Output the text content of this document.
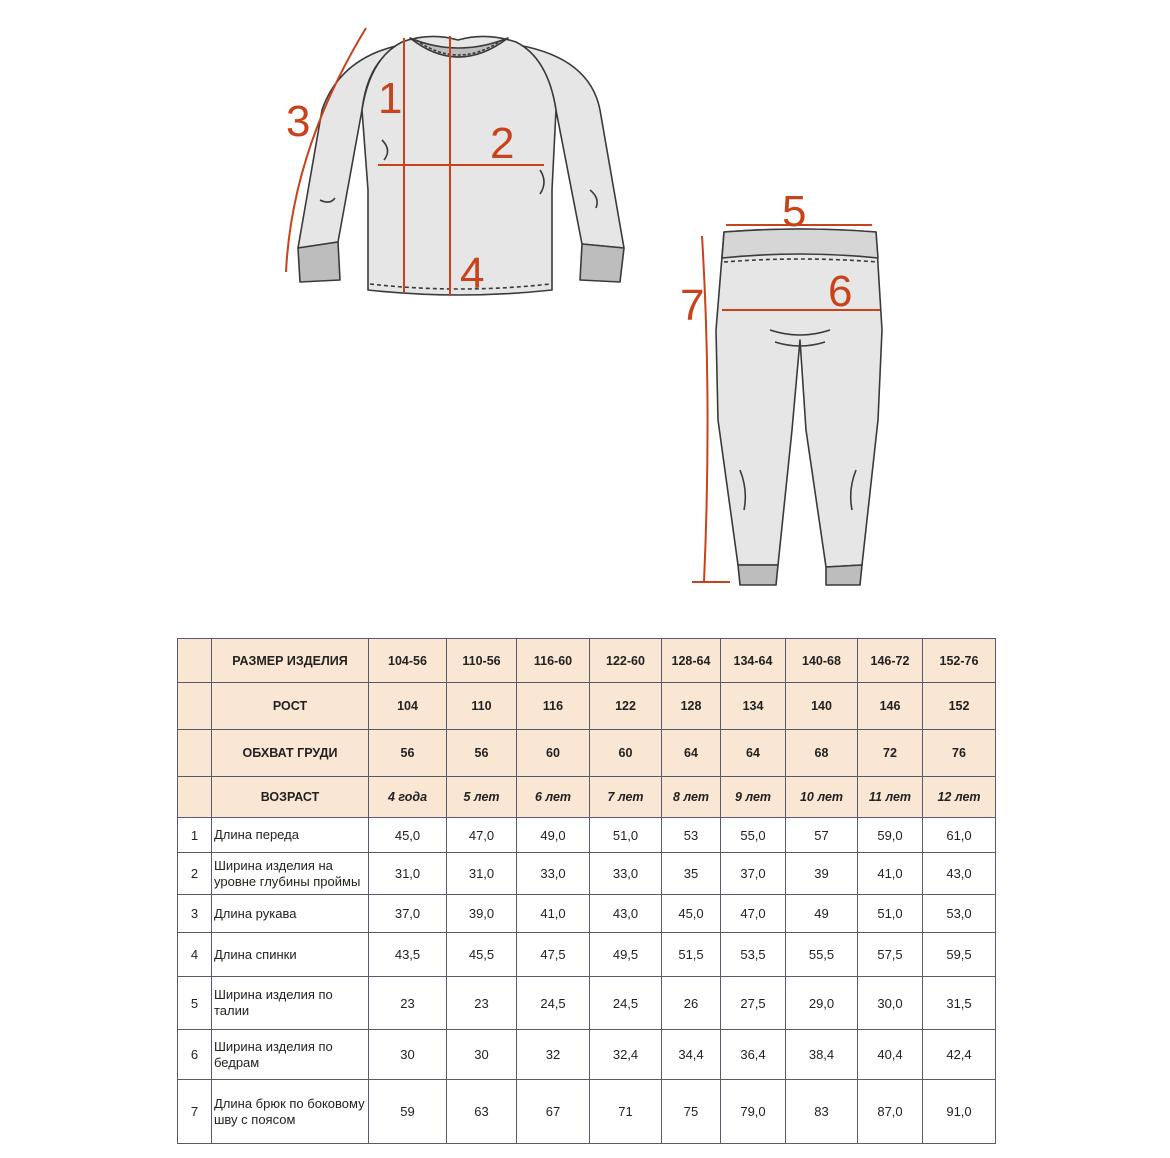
1
2
3
4
5
6
7
	РАЗМЕР ИЗДЕЛИЯ	104-56	110-56	116-60	122-60	128-64	134-64	140-68	146-72	152-76
	РОСТ	104	110	116	122	128	134	140	146	152
	ОБХВАТ ГРУДИ	56	56	60	60	64	64	68	72	76
	ВОЗРАСТ	4 года	5 лет	6 лет	7 лет	8 лет	9 лет	10 лет	11 лет	12 лет
1	Длина переда	45,0	47,0	49,0	51,0	53	55,0	57	59,0	61,0
2	Ширина изделия на уровне глубины проймы	31,0	31,0	33,0	33,0	35	37,0	39	41,0	43,0
3	Длина рукава	37,0	39,0	41,0	43,0	45,0	47,0	49	51,0	53,0
4	Длина спинки	43,5	45,5	47,5	49,5	51,5	53,5	55,5	57,5	59,5
5	Ширина изделия по талии	23	23	24,5	24,5	26	27,5	29,0	30,0	31,5
6	Ширина изделия по бедрам	30	30	32	32,4	34,4	36,4	38,4	40,4	42,4
7	Длина брюк по боковому шву с поясом	59	63	67	71	75	79,0	83	87,0	91,0
